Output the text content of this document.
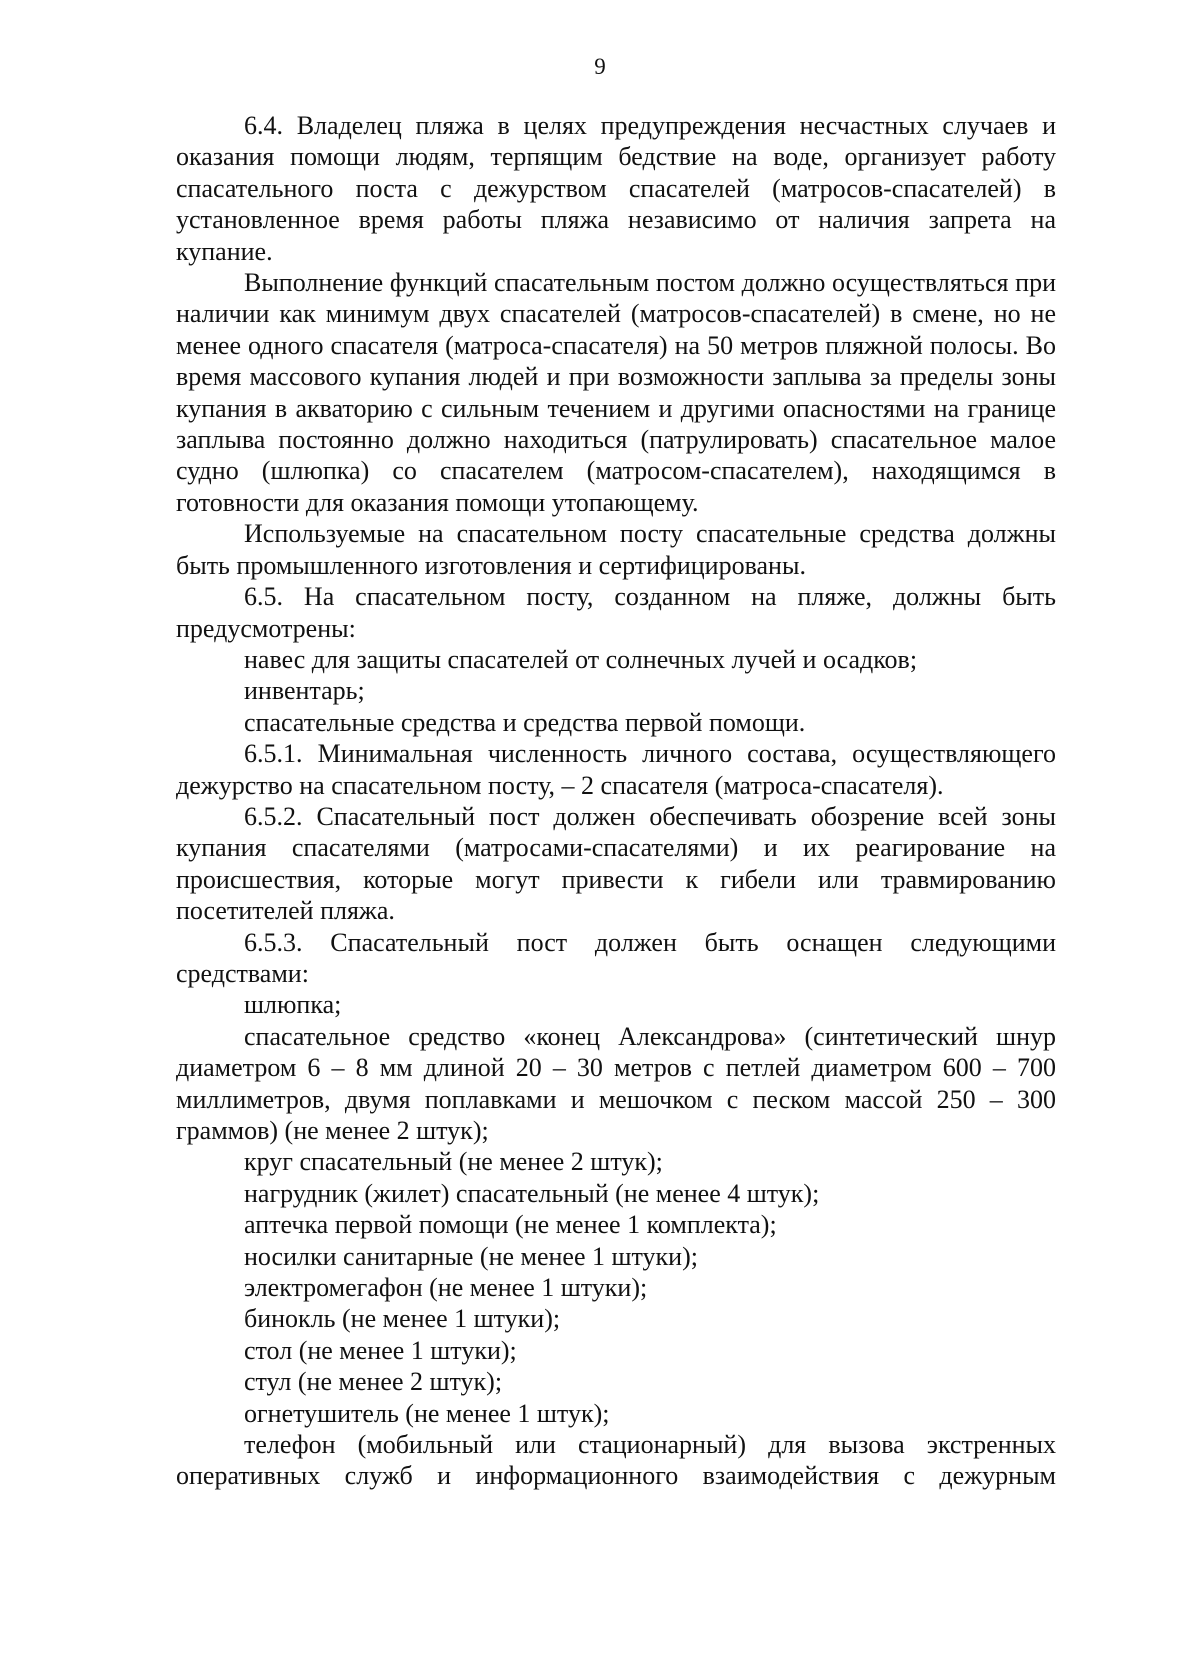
9

6.4. Владелец пляжа в целях предупреждения несчастных случаев и оказания помощи людям, терпящим бедствие на воде, организует работу спасательного поста с дежурством спасателей (матросов-спасателей) в установленное время работы пляжа независимо от наличия запрета на купание.

Выполнение функций спасательным постом должно осуществляться при наличии как минимум двух спасателей (матросов-спасателей) в смене, но не менее одного спасателя (матроса-спасателя) на 50 метров пляжной полосы. Во время массового купания людей и при возможности заплыва за пределы зоны купания в акваторию с сильным течением и другими опасностями на границе заплыва постоянно должно находиться (патрулировать) спасательное малое судно (шлюпка) со спасателем (матросом-спасателем), находящимся в готовности для оказания помощи утопающему.

Используемые на спасательном посту спасательные средства должны быть промышленного изготовления и сертифицированы.

6.5. На спасательном посту, созданном на пляже, должны быть предусмотрены:

навес для защиты спасателей от солнечных лучей и осадков;

инвентарь;

спасательные средства и средства первой помощи.

6.5.1. Минимальная численность личного состава, осуществляющего дежурство на спасательном посту, – 2 спасателя (матроса-спасателя).

6.5.2. Спасательный пост должен обеспечивать обозрение всей зоны купания спасателями (матросами-спасателями) и их реагирование на происшествия, которые могут привести к гибели или травмированию посетителей пляжа.

6.5.3. Спасательный пост должен быть оснащен следующими средствами:

шлюпка;

спасательное средство «конец Александрова» (синтетический шнур диаметром 6 – 8 мм длиной 20 – 30 метров с петлей диаметром 600 – 700 миллиметров, двумя поплавками и мешочком с песком массой 250 – 300 граммов) (не менее 2 штук);

круг спасательный (не менее 2 штук);

нагрудник (жилет) спасательный (не менее 4 штук);

аптечка первой помощи (не менее 1 комплекта);

носилки санитарные (не менее 1 штуки);

электромегафон (не менее 1 штуки);

бинокль (не менее 1 штуки);

стол (не менее 1 штуки);

стул (не менее 2 штук);

огнетушитель (не менее 1 штук);

телефон (мобильный или стационарный) для вызова экстренных оперативных служб и информационного взаимодействия с дежурным
